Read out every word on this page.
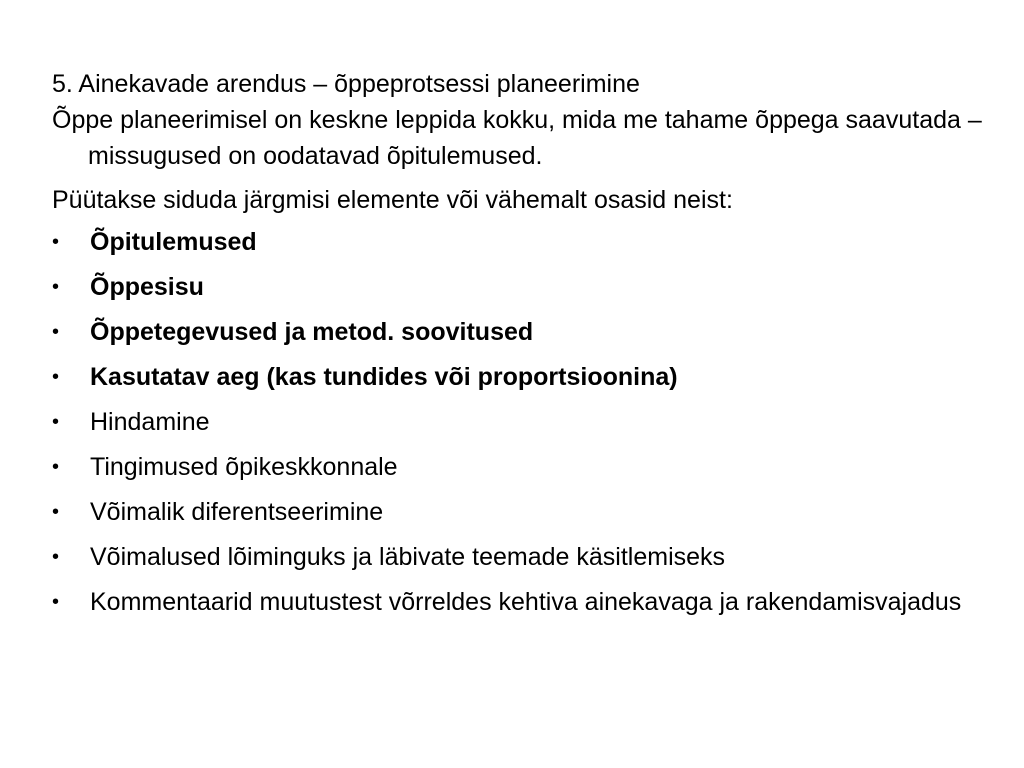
5. Ainekavade arendus – õppeprotsessi planeerimine

Õppe planeerimisel on keskne leppida kokku, mida me tahame õppega saavutada – missugused on oodatavad õpitulemused.

Püütakse siduda järgmisi elemente või vähemalt osasid neist:

•	Õpitulemused
•	Õppesisu
•	Õppetegevused ja metod. soovitused
•	Kasutatav aeg (kas tundides või proportsioonina)
•	Hindamine
•	Tingimused õpikeskkonnale
•	Võimalik diferentseerimine
•	Võimalused lõiminguks ja läbivate teemade käsitlemiseks
•	Kommentaarid muutustest võrreldes kehtiva ainekavaga ja rakendamisvajadus
